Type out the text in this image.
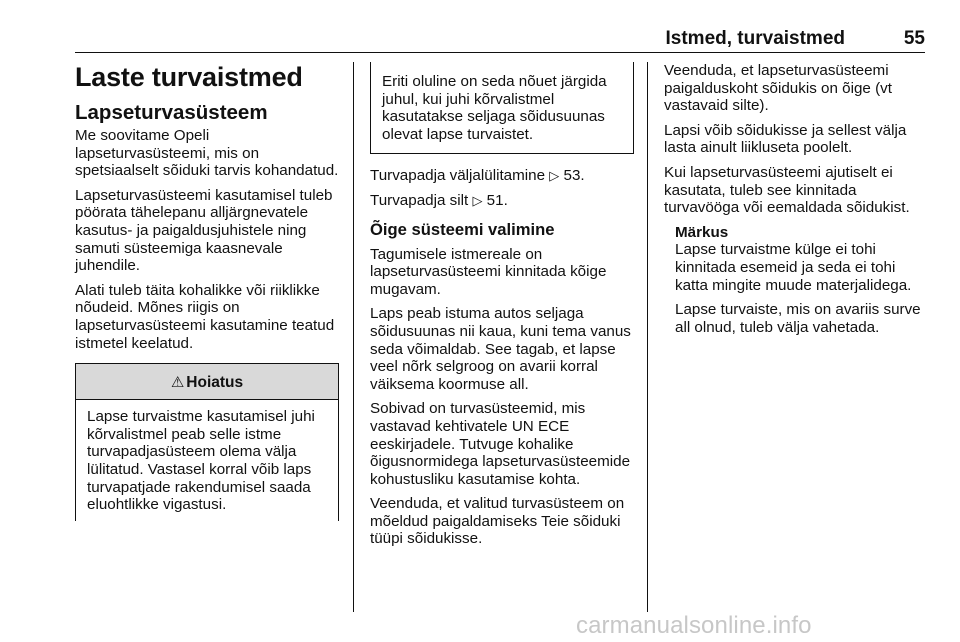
Istmed, turvaistmed	55
Laste turvaistmed
Lapseturvasüsteem

Me soovitame Opeli lapseturvasüsteemi, mis on spetsiaalselt sõiduki tarvis kohandatud.

Lapseturvasüsteemi kasutamisel tuleb pöörata tähelepanu alljärgnevatele kasutus- ja paigaldusjuhistele ning samuti süsteemiga kaasnevale juhendile.

Alati tuleb täita kohalikke või riiklikke nõudeid. Mõnes riigis on lapseturvasüsteemi kasutamine teatud istmetel keelatud.

⚠ Hoiatus
Lapse turvaistme kasutamisel juhi kõrvalistmel peab selle istme turvapadjasüsteem olema välja lülitatud. Vastasel korral võib laps turvapatjade rakendumisel saada eluohtlikke vigastusi.
Eriti oluline on seda nõuet järgida juhul, kui juhi kõrvalistmel kasutatakse seljaga sõidusuunas olevat lapse turvaistet.

Turvapadja väljalülitamine ▷ 53.

Turvapadja silt ▷ 51.

Õige süsteemi valimine

Tagumisele istmereale on lapseturvasüsteemi kinnitada kõige mugavam.

Laps peab istuma autos seljaga sõidusuunas nii kaua, kuni tema vanus seda võimaldab. See tagab, et lapse veel nõrk selgroog on avarii korral väiksema koormuse all.

Sobivad on turvasüsteemid, mis vastavad kehtivatele UN ECE eeskirjadele. Tutvuge kohalike õigusnormidega lapseturvasüsteemide kohustusliku kasutamise kohta.

Veenduda, et valitud turvasüsteem on mõeldud paigaldamiseks Teie sõiduki tüüpi sõidukisse.

Veenduda, et lapseturvasüsteemi paigalduskoht sõidukis on õige (vt vastavaid silte).

Lapsi võib sõidukisse ja sellest välja lasta ainult liikluseta poolelt.

Kui lapseturvasüsteemi ajutiselt ei kasutata, tuleb see kinnitada turvavööga või eemaldada sõidukist.

Märkus

Lapse turvaistme külge ei tohi kinnitada esemeid ja seda ei tohi katta mingite muude materjalidega.

Lapse turvaiste, mis on avariis surve all olnud, tuleb välja vahetada.

carmanualsonline.info
